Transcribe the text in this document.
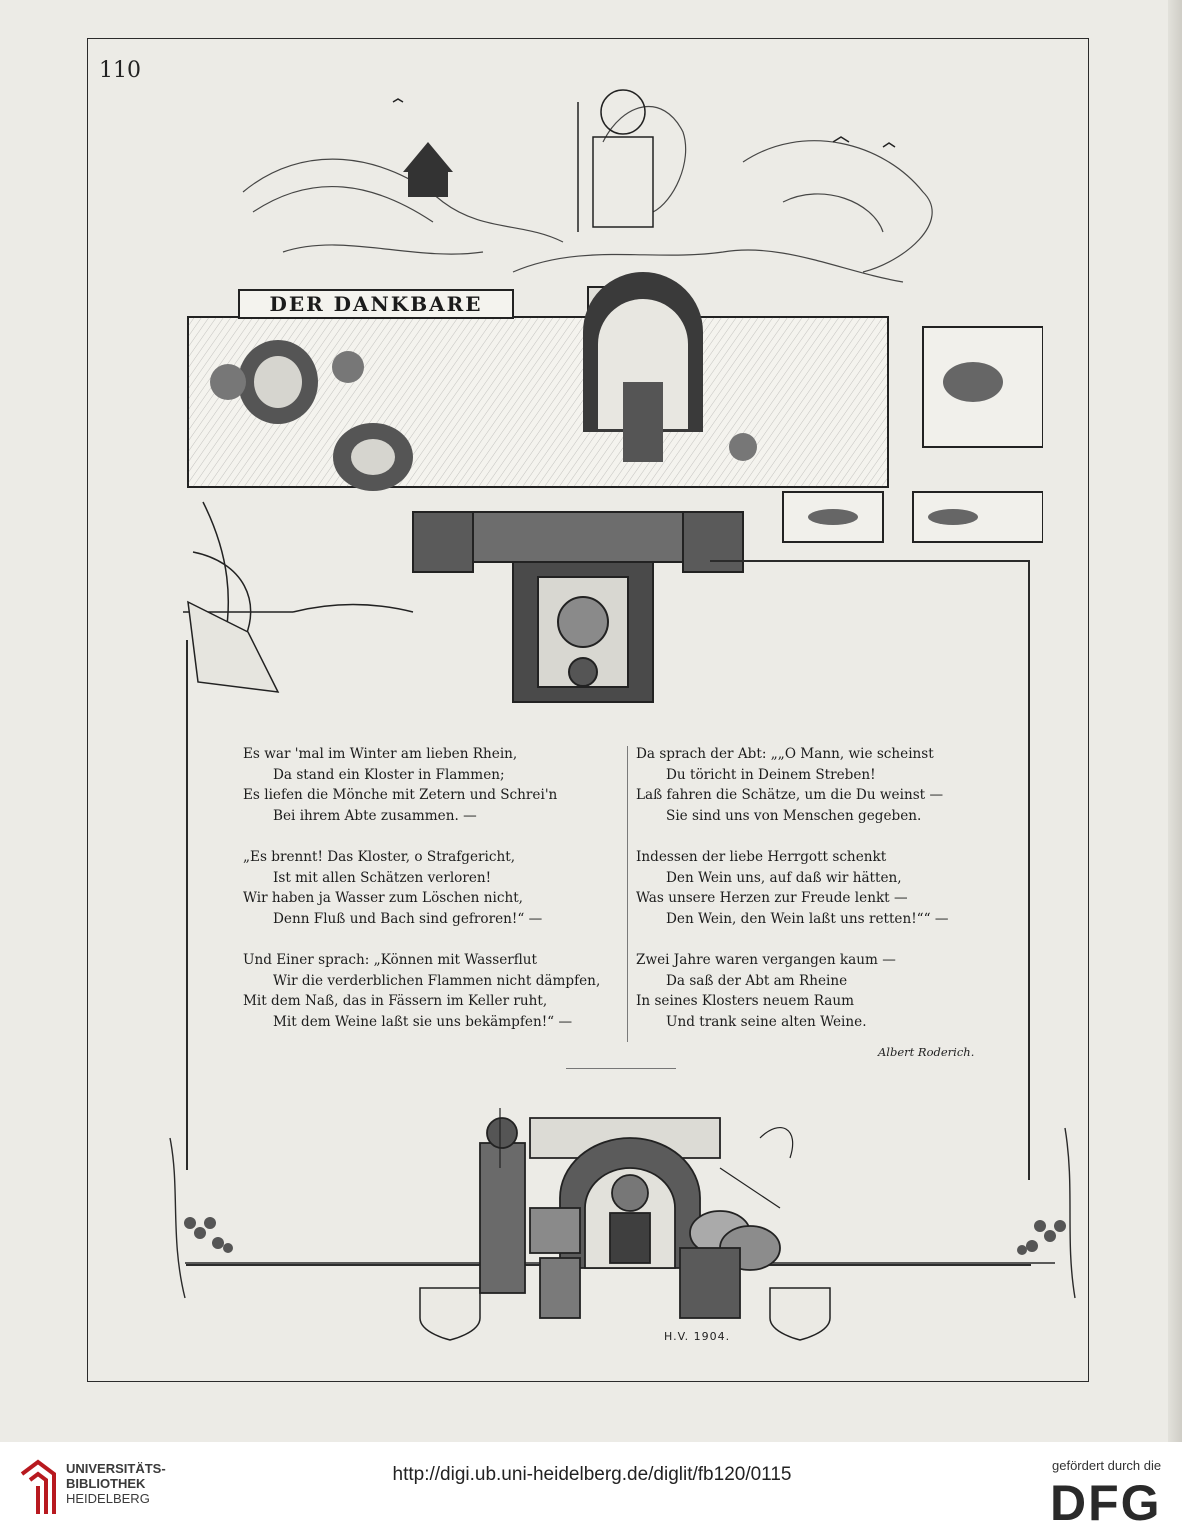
110
DER DANKBARE
Es war 'mal im Winter am lieben Rhein,
Da stand ein Kloster in Flammen;
Es liefen die Mönche mit Zetern und Schrei'n
Bei ihrem Abte zusammen. —
„Es brennt! Das Kloster, o Strafgericht,
Ist mit allen Schätzen verloren!
Wir haben ja Wasser zum Löschen nicht,
Denn Fluß und Bach sind gefroren!“ —
Und Einer sprach: „Können mit Wasserflut
Wir die verderblichen Flammen nicht dämpfen,
Mit dem Naß, das in Fässern im Keller ruht,
Mit dem Weine laßt sie uns bekämpfen!“ —
Da sprach der Abt: „„O Mann, wie scheinst
Du töricht in Deinem Streben!
Laß fahren die Schätze, um die Du weinst —
Sie sind uns von Menschen gegeben.
Indessen der liebe Herrgott schenkt
Den Wein uns, auf daß wir hätten,
Was unsere Herzen zur Freude lenkt —
Den Wein, den Wein laßt uns retten!““ —
Zwei Jahre waren vergangen kaum —
Da saß der Abt am Rheine
In seines Klosters neuem Raum
Und trank seine alten Weine.
Albert Roderich.
H.V. 1904.
UNIVERSITÄTS-
BIBLIOTHEK
HEIDELBERG
http://digi.ub.uni-heidelberg.de/diglit/fb120/0115	gefördert durch die
DFG
